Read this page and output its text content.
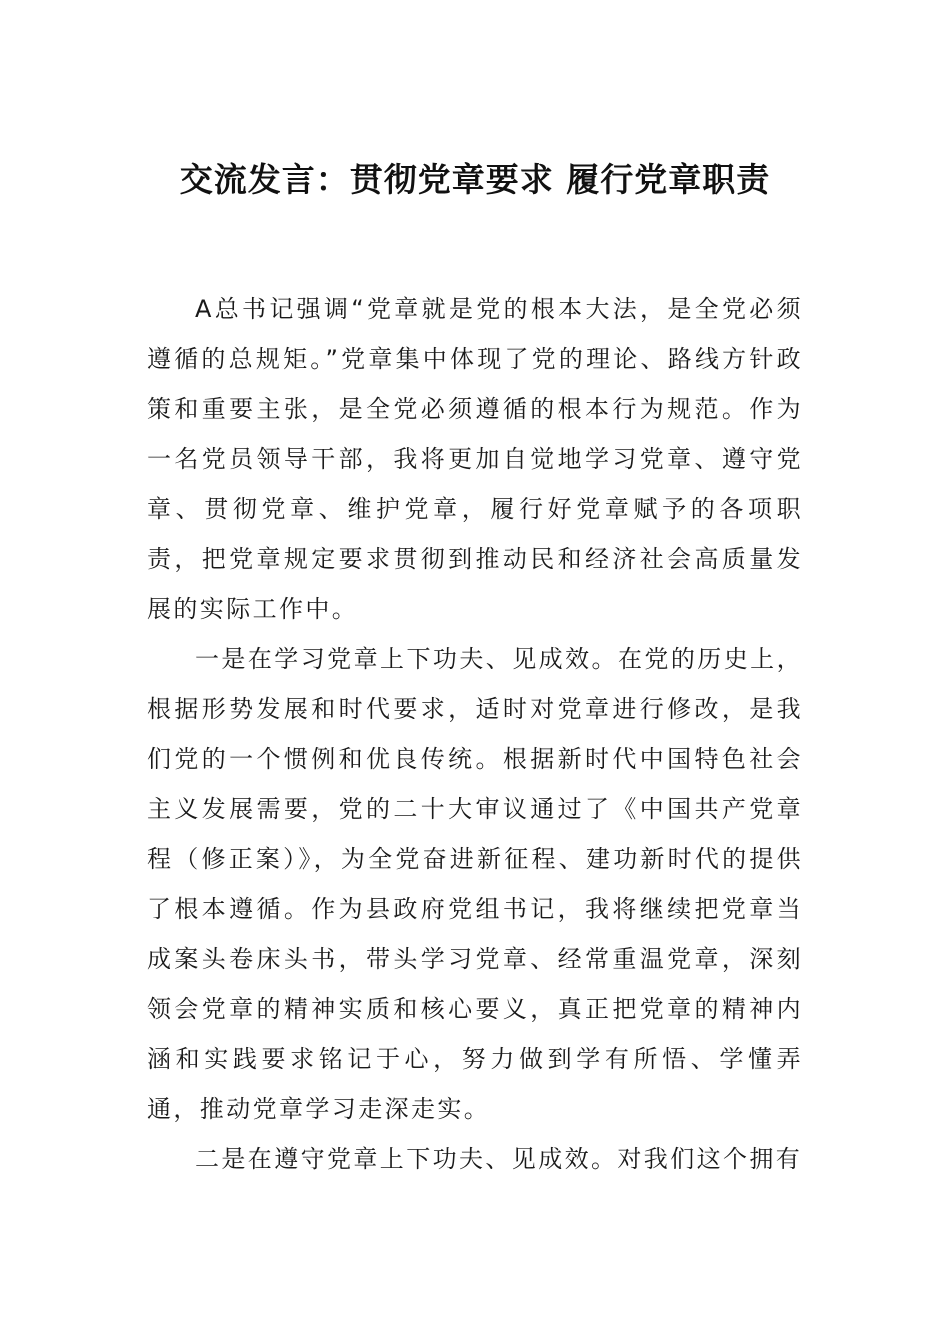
交流发言：贯彻党章要求 履行党章职责

A总书记强调“党章就是党的根本大法，是全党必须遵循的总规矩。”党章集中体现了党的理论、路线方针政策和重要主张，是全党必须遵循的根本行为规范。作为一名党员领导干部，我将更加自觉地学习党章、遵守党章、贯彻党章、维护党章，履行好党章赋予的各项职责，把党章规定要求贯彻到推动民和经济社会高质量发展的实际工作中。

一是在学习党章上下功夫、见成效。在党的历史上，根据形势发展和时代要求，适时对党章进行修改，是我们党的一个惯例和优良传统。根据新时代中国特色社会主义发展需要，党的二十大审议通过了《中国共产党章程（修正案）》，为全党奋进新征程、建功新时代的提供了根本遵循。作为县政府党组书记，我将继续把党章当成案头卷床头书，带头学习党章、经常重温党章，深刻领会党章的精神实质和核心要义，真正把党章的精神内涵和实践要求铭记于心，努力做到学有所悟、学懂弄通，推动党章学习走深走实。

二是在遵守党章上下功夫、见成效。对我们这个拥有
